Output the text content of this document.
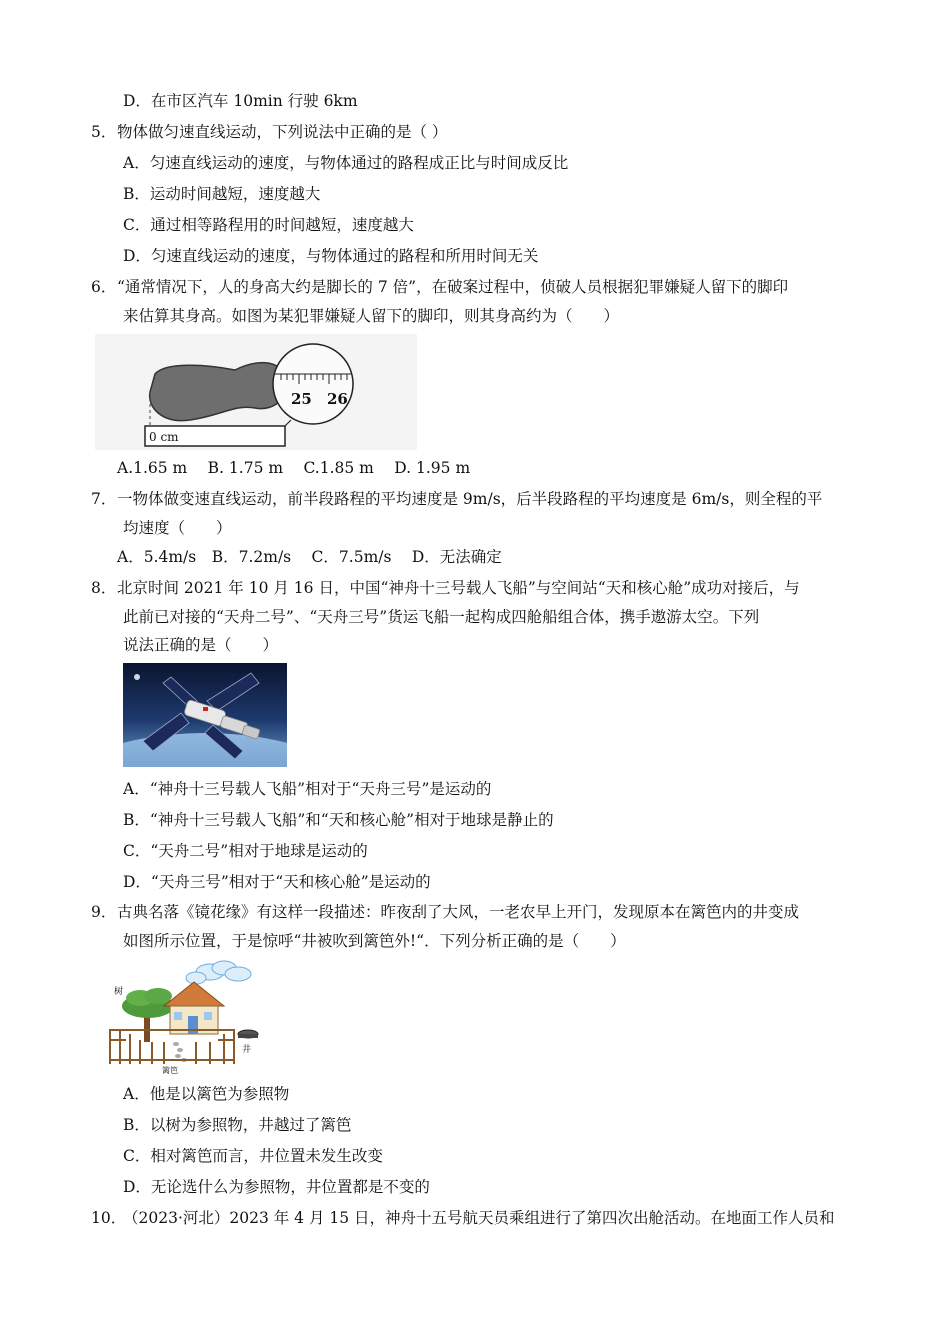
D．在市区汽车 10min 行驶 6km
5． 物体做匀速直线运动，下列说法中正确的是（ ）
A．匀速直线运动的速度，与物体通过的路程成正比与时间成反比
B．运动时间越短，速度越大
C．通过相等路程用的时间越短，速度越大
D．匀速直线运动的速度，与物体通过的路程和所用时间无关
6． “通常情况下，人的身高大约是脚长的 7 倍”，在破案过程中，侦破人员根据犯罪嫌疑人留下的脚印
来估算其身高。如图为某犯罪嫌疑人留下的脚印，则其身高约为（　　）
0 cm
25 26
A.1.65 m　 B. 1.75 m　 C.1.85 m　 D. 1.95 m
7． 一物体做变速直线运动，前半段路程的平均速度是 9m/s，后半段路程的平均速度是 6m/s，则全程的平
均速度（　　）
A．5.4m/s　B．7.2m/s　 C．7.5m/s　 D．无法确定
8． 北京时间 2021 年 10 月 16 日，中国“神舟十三号载人飞船”与空间站“天和核心舱”成功对接后，与
此前已对接的“天舟二号”、“天舟三号”货运飞船一起构成四舱船组合体，携手遨游太空。下列
说法正确的是（　　）
A．“神舟十三号载人飞船”相对于“天舟三号”是运动的
B．“神舟十三号载人飞船”和“天和核心舱”相对于地球是静止的
C．“天舟二号”相对于地球是运动的
D．“天舟三号”相对于“天和核心舱”是运动的
9． 古典名落《镜花缘》有这样一段描述：昨夜刮了大风，一老农早上开门，发现原本在篱笆内的井变成
如图所示位置，于是惊呼“井被吹到篱笆外!“．下列分析正确的是（　　）
树
井
篱笆
A．他是以篱笆为参照物
B．以树为参照物，井越过了篱笆
C．相对篱笆而言，井位置未发生改变
D．无论选什么为参照物，井位置都是不变的
10．
（2023·河北）2023 年 4 月 15 日，神舟十五号航天员乘组进行了第四次出舱活动。在地面工作人员和
